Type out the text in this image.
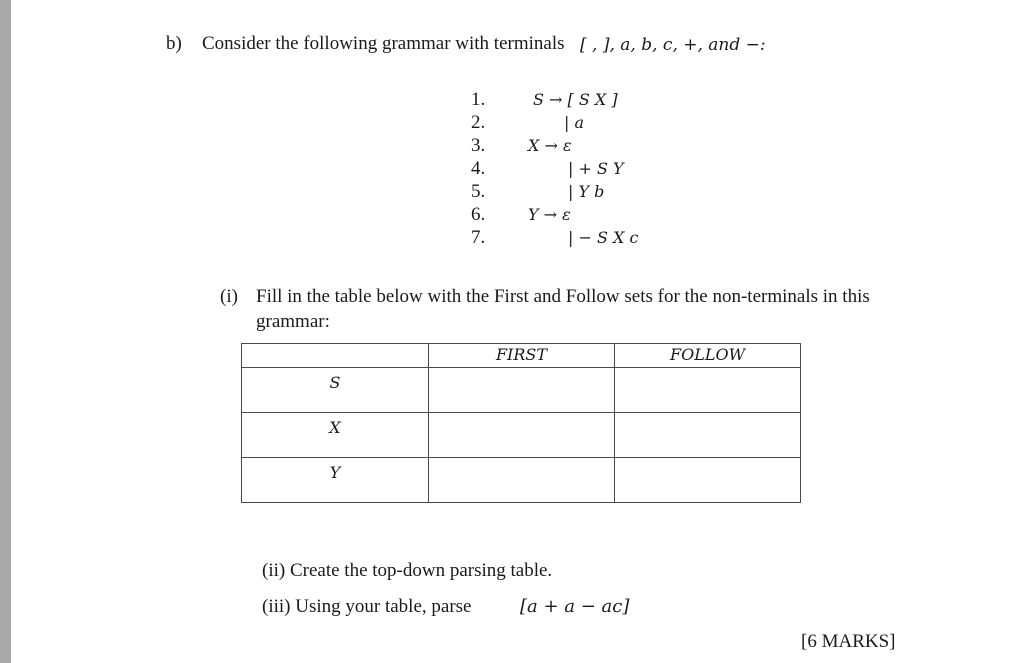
b) Consider the following grammar with terminals [ , ], a, b, c, +, and −:
1.	S → [ S X ]
2.	| a
3.	X → ε
4.	| + S Y
5.	| Y b
6.	Y → ε
7.	| − S X c
(i) Fill in the table below with the First and Follow sets for the non-terminals in this
grammar:
	FIRST	FOLLOW
S		
X		
Y		
(ii) Create the top-down parsing table.
(iii) Using your table, parse	[a + a − ac]
[6 MARKS]
